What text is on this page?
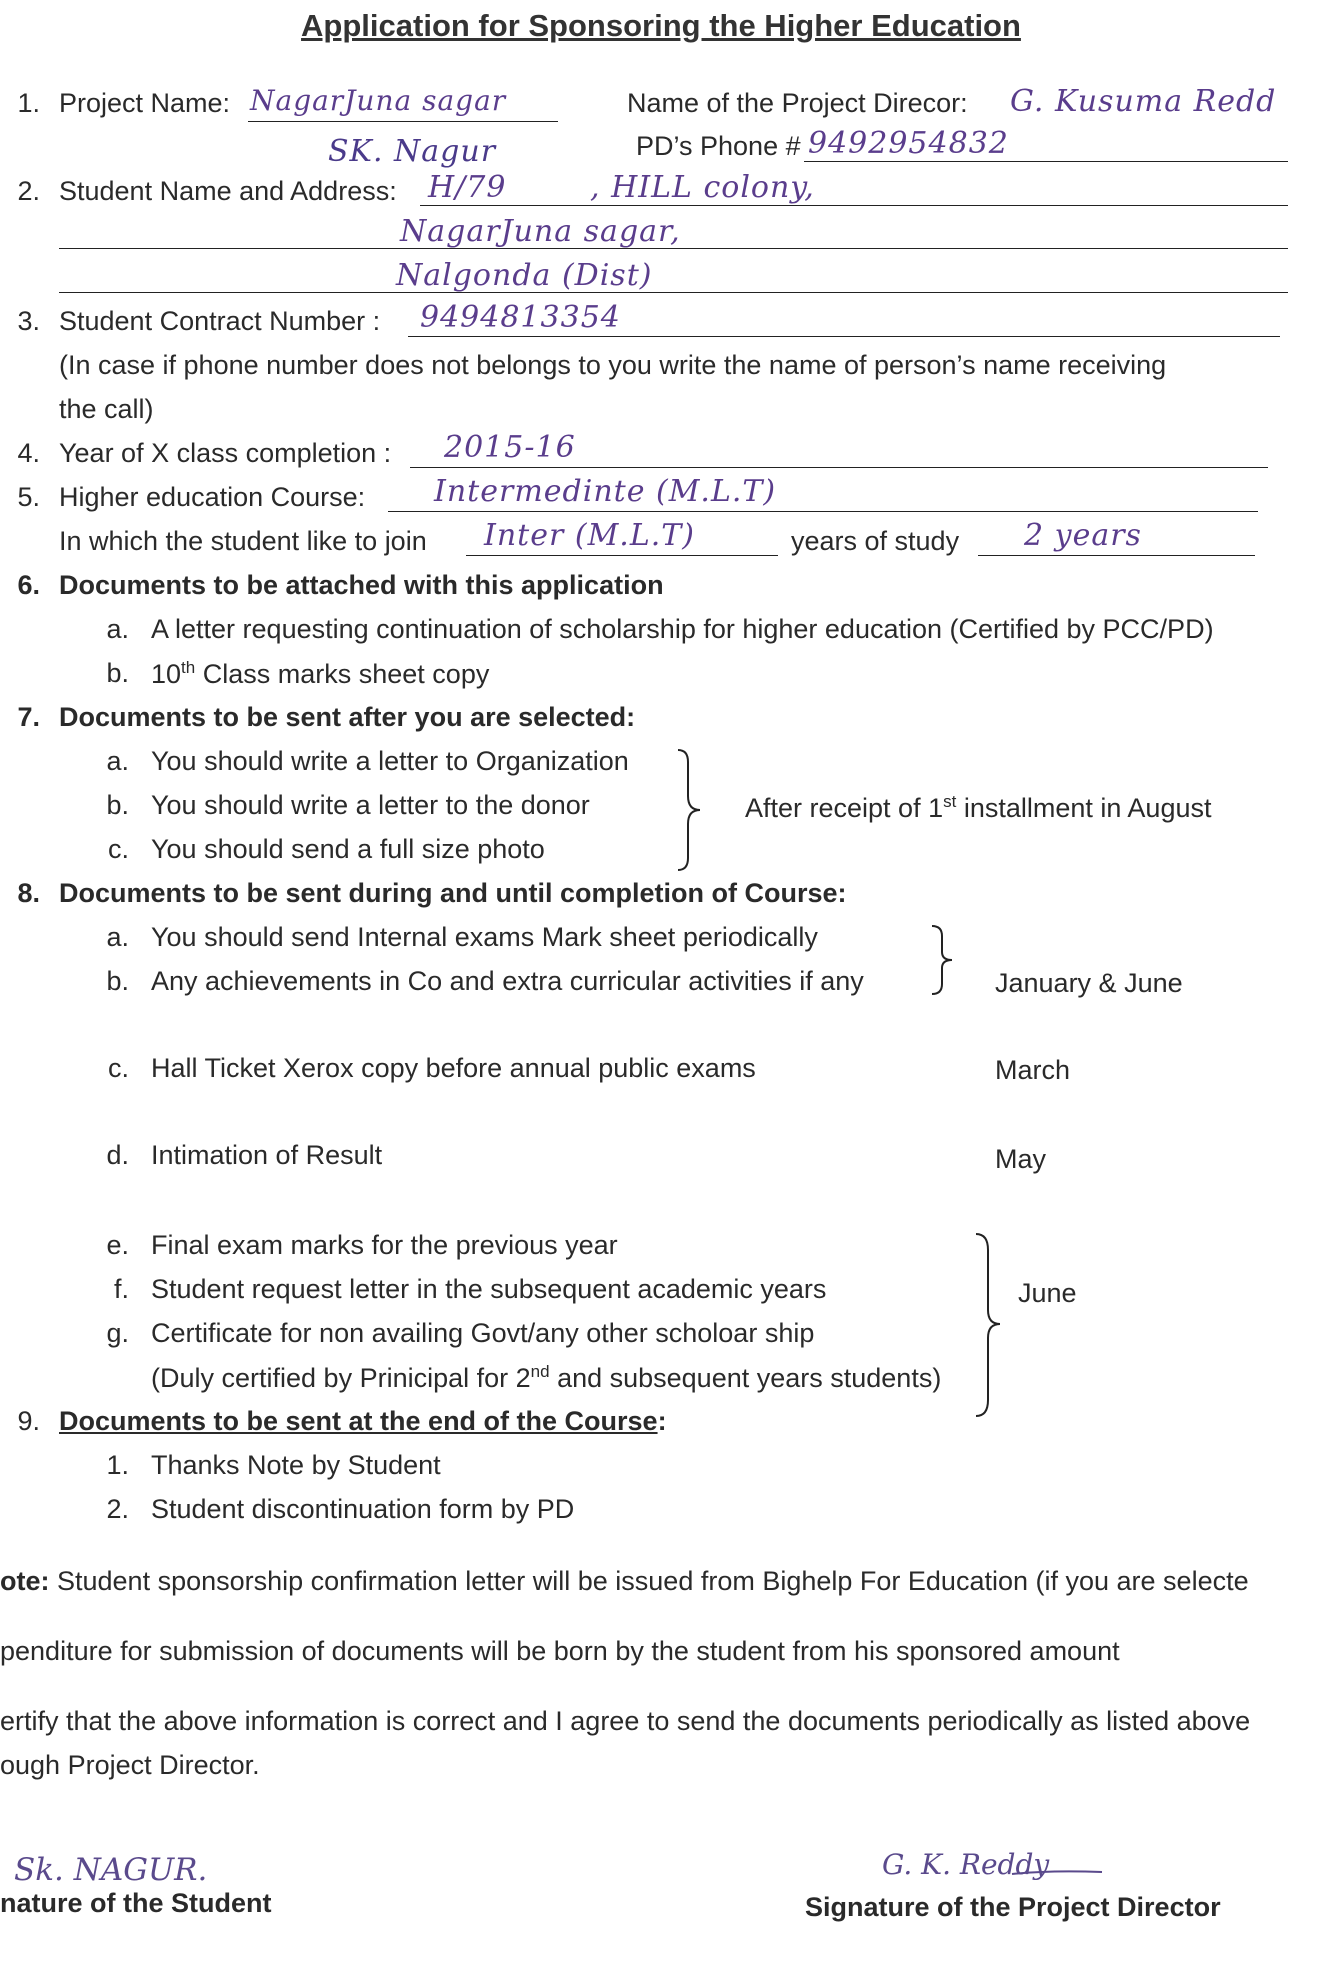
Application for Sponsoring the Higher Education
1. Project Name: NagarJuna sagar	Name of the Project Direcor: G. Kusuma Redd
PD’s Phone # 9492954832
SK. Nagur
2. Student Name and Address: H/79	, HILL colony,
NagarJuna sagar,
Nalgonda (Dist)
3. Student Contract Number : 9494813354
(In case if phone number does not belongs to you write the name of person’s name receiving
the call)
4. Year of X class completion : 2015-16
5. Higher education Course: Intermedinte (M.L.T)
In which the student like to join Inter (M.L.T)	years of study 2 years
6. Documents to be attached with this application
a. A letter requesting continuation of scholarship for higher education (Certified by PCC/PD)
b. 10th Class marks sheet copy
7. Documents to be sent after you are selected:
a. You should write a letter to Organization
b. You should write a letter to the donor
c. You should send a full size photo
After receipt of 1st installment in August
8. Documents to be sent during and until completion of Course:
a. You should send Internal exams Mark sheet periodically
b. Any achievements in Co and extra curricular activities if any	January & June
c. Hall Ticket Xerox copy before annual public exams	March
d. Intimation of Result	May
e. Final exam marks for the previous year
f. Student request letter in the subsequent academic years
g. Certificate for non availing Govt/any other scholoar ship
(Duly certified by Prinicipal for 2nd and subsequent years students)
June
9. Documents to be sent at the end of the Course:
1. Thanks Note by Student
2. Student discontinuation form by PD
ote: Student sponsorship confirmation letter will be issued from Bighelp For Education (if you are selecte
penditure for submission of documents will be born by the student from his sponsored amount
ertify that the above information is correct and I agree to send the documents periodically as listed above
ough Project Director.
Sk. NAGUR.
nature of the Student
G. K. Reddy
Signature of the Project Director
